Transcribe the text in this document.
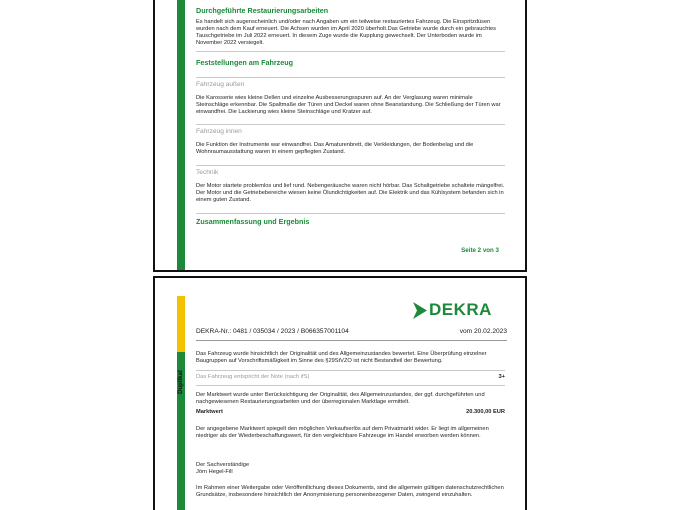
Durchgeführte Restaurierungsarbeiten
Es handelt sich augenscheinlich und/oder nach Angaben um ein teilweise restauriertes Fahrzeug. Die Einspritzdüsen wurden nach dem Kauf erneuert. Die Achsen wurden im April 2020 überholt.Das Getriebe wurde durch ein gebrauchtes Tauschgetriebe im Juli 2022 erneuert. In diesem Zuge wurde die Kupplung gewechselt. Der Unterboden wurde im November 2022 versiegelt.
Feststellungen am Fahrzeug
Fahrzeug außen
Die Karosserie wies kleine Dellen und einzelne Ausbesserungsspuren auf. An der Verglasung waren minimale Steinschläge erkennbar. Die Spaltmaße der Türen und Deckel waren ohne Beanstandung. Die Schließung der Türen war einwandfrei. Die Lackierung wies kleine Steinschläge und Kratzer auf.
Fahrzeug innen
Die Funktion der Instrumente war einwandfrei. Das Amaturenbrett, die Verkleidungen, der Bodenbelag und die Wohnraumausstattung waren in einem gepflegten Zustand.
Technik
Der Motor startete problemlos und lief rund. Nebengeräusche waren nicht hörbar. Das Schaltgetriebe schaltete mängelfrei. Der Motor und die Getriebebereiche wiesen keine Ölundichtigkeiten auf. Die Elektrik und das Kühlsystem befanden sich in einem guten Zustand.
Zusammenfassung und Ergebnis
Seite 2 von 3
Duplikat
DEKRA
DEKRA-Nr.: 0481 / 035034 / 2023 / B066357001104	vom 20.02.2023
Das Fahrzeug wurde hinsichtlich der Originalität und des Allgemeinzustandes bewertet. Eine Überprüfung einzelner Baugruppen auf Vorschriftsmäßigkeit im Sinne des §29StVZO ist nicht Bestandteil der Bewertung.
Das Fahrzeug entspricht der Note (nach ifS)	3+
Der Marktwert wurde unter Berücksichtigung der Originalität, des Allgemeinzustandes, der ggf. durchgeführten und nachgewiesenen Restaurierungsarbeiten und der überregionalen Marktlage ermittelt.
Marktwert	20.300,00 EUR
Der angegebene Marktwert spiegelt den möglichen Verkaufserlös auf dem Privatmarkt wider. Er liegt im allgemeinen niedriger als der Wiederbeschaffungswert, für den vergleichbare Fahrzeuge im Handel erworben werden können.
Der Sachverständige
Jörn Hegel-Fill
Im Rahmen einer Weitergabe oder Veröffentlichung dieses Dokuments, sind die allgemein gültigen datenschutzrechtlichen Grundsätze, insbesondere hinsichtlich der Anonymisierung personenbezogener Daten, zwingend einzuhalten.
